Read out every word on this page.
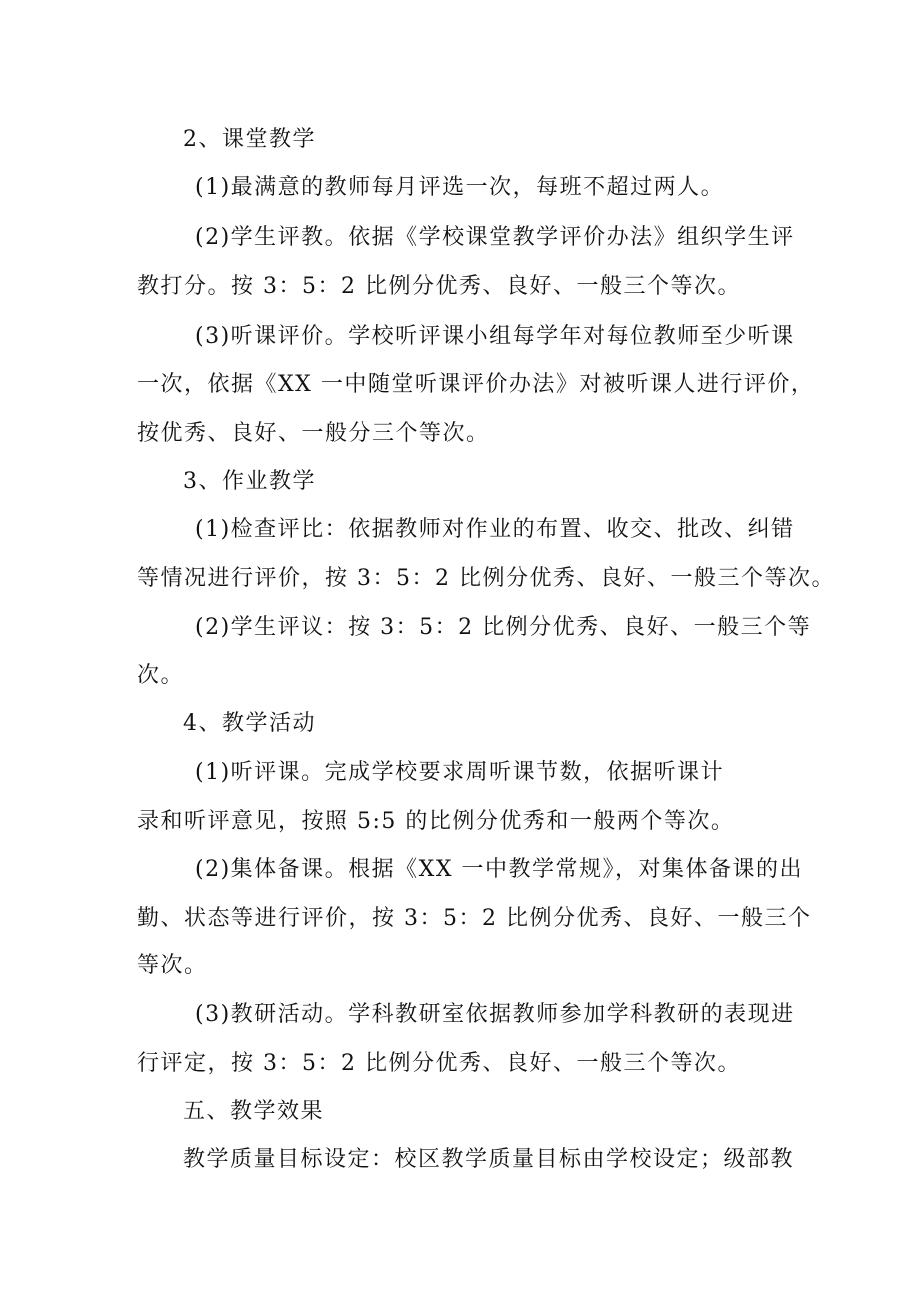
2、课堂教学
(1)最满意的教师每月评选一次，每班不超过两人。
(2)学生评教。依据《学校课堂教学评价办法》组织学生评
教打分。按 3：5：2 比例分优秀、良好、一般三个等次。
(3)听课评价。学校听评课小组每学年对每位教师至少听课
一次，依据《XX 一中随堂听课评价办法》对被听课人进行评价，
按优秀、良好、一般分三个等次。
3、作业教学
(1)检查评比：依据教师对作业的布置、收交、批改、纠错
等情况进行评价，按 3：5：2 比例分优秀、良好、一般三个等次。
(2)学生评议：按 3：5：2 比例分优秀、良好、一般三个等
次。
4、教学活动
(1)听评课。完成学校要求周听课节数，依据听课计
录和听评意见，按照 5:5 的比例分优秀和一般两个等次。
(2)集体备课。根据《XX 一中教学常规》，对集体备课的出
勤、状态等进行评价，按 3：5：2 比例分优秀、良好、一般三个
等次。
(3)教研活动。学科教研室依据教师参加学科教研的表现进
行评定，按 3：5：2 比例分优秀、良好、一般三个等次。
五、教学效果
教学质量目标设定：校区教学质量目标由学校设定；级部教
